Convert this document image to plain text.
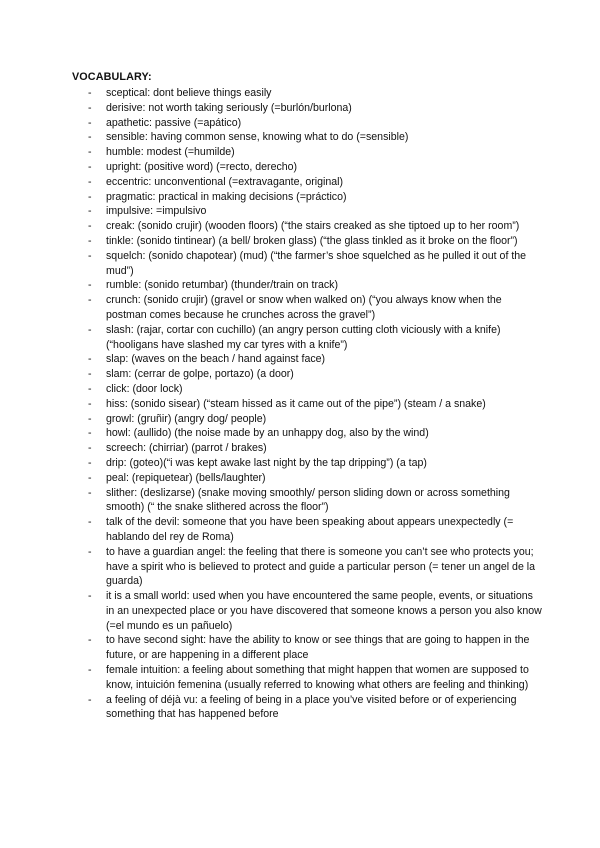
VOCABULARY:
- sceptical: dont believe things easily
- derisive: not worth taking seriously (=burlón/burlona)
- apathetic: passive (=apático)
- sensible: having common sense, knowing what to do (=sensible)
- humble: modest (=humilde)
- upright: (positive word) (=recto, derecho)
- eccentric: unconventional (=extravagante, original)
- pragmatic: practical in making decisions (=práctico)
- impulsive: =impulsivo
- creak: (sonido crujir) (wooden floors) (“the stairs creaked as she tiptoed up to her room”)
- tinkle: (sonido tintinear) (a bell/ broken glass) (“the glass tinkled as it broke on the floor”)
- squelch: (sonido chapotear) (mud) (“the farmer’s shoe squelched as he pulled it out of the mud”)
- rumble: (sonido retumbar) (thunder/train on track)
- crunch: (sonido crujir) (gravel or snow when walked on) (“you always know when the postman comes because he crunches across the gravel”)
- slash: (rajar, cortar con cuchillo) (an angry person cutting cloth viciously with a knife) (“hooligans have slashed my car tyres with a knife”)
- slap: (waves on the beach / hand against face)
- slam: (cerrar de golpe, portazo) (a door)
- click: (door lock)
- hiss: (sonido sisear) (“steam hissed as it came out of the pipe”) (steam / a snake)
- growl: (gruñir) (angry dog/ people)
- howl: (aullido) (the noise made by an unhappy dog, also by the wind)
- screech: (chirriar) (parrot / brakes)
- drip: (goteo)(“i was kept awake last night by the tap dripping”) (a tap)
- peal: (repiquetear) (bells/laughter)
- slither: (deslizarse) (snake moving smoothly/ person sliding down or across something smooth) (“ the snake slithered across the floor”)
- talk of the devil: someone that you have been speaking about appears unexpectedly (= hablando del rey de Roma)
- to have a guardian angel: the feeling that there is someone you can’t see who protects you; have a spirit who is believed to protect and guide a particular person (= tener un angel de la guarda)
- it is a small world: used when you have encountered the same people, events, or situations in an unexpected place or you have discovered that someone knows a person you also know (=el mundo es un pañuelo)
- to have second sight: have the ability to know or see things that are going to happen in the future, or are happening in a different place
- female intuition: a feeling about something that might happen that women are supposed to know, intuición femenina (usually referred to knowing what others are feeling and thinking)
- a feeling of déjà vu: a feeling of being in a place you’ve visited before or of experiencing something that has happened before
